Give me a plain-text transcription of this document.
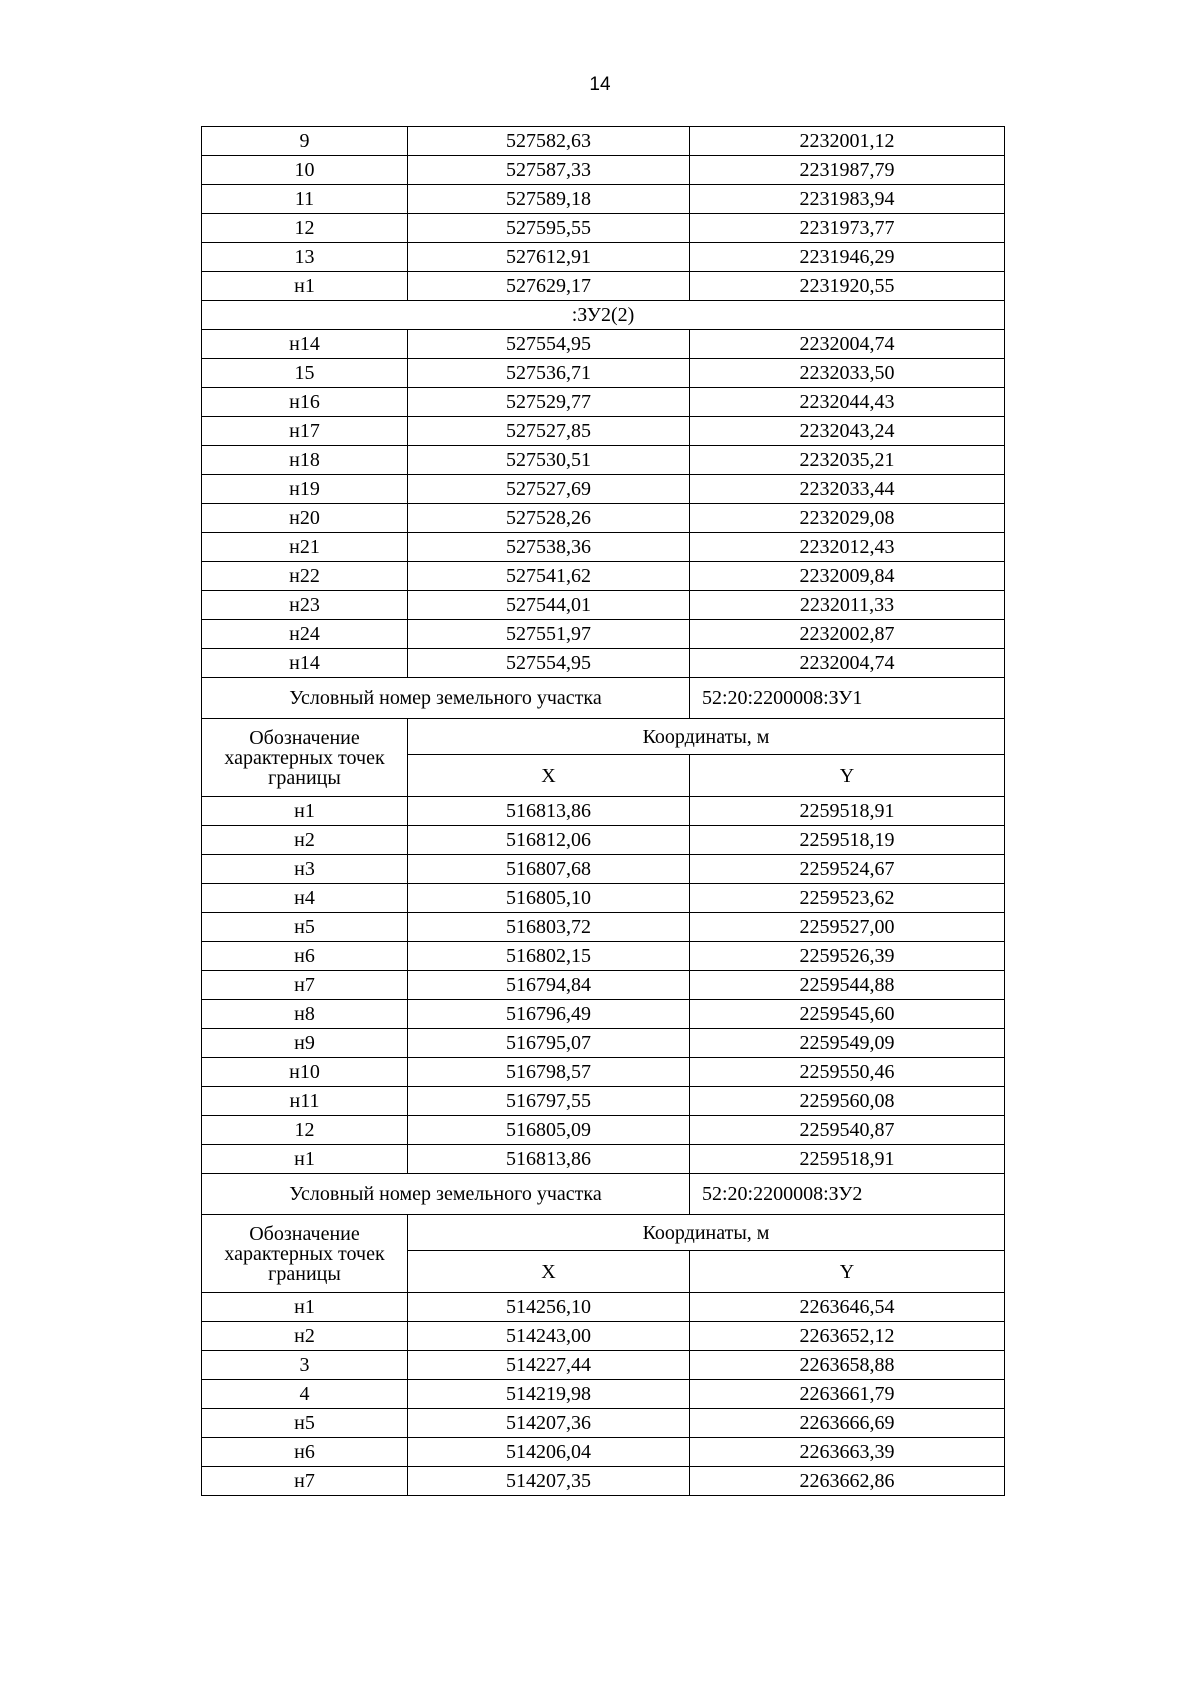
14
9	527582,63	2232001,12
10	527587,33	2231987,79
11	527589,18	2231983,94
12	527595,55	2231973,77
13	527612,91	2231946,29
н1	527629,17	2231920,55
:ЗУ2(2)		
н14	527554,95	2232004,74
15	527536,71	2232033,50
н16	527529,77	2232044,43
н17	527527,85	2232043,24
н18	527530,51	2232035,21
н19	527527,69	2232033,44
н20	527528,26	2232029,08
н21	527538,36	2232012,43
н22	527541,62	2232009,84
н23	527544,01	2232011,33
н24	527551,97	2232002,87
н14	527554,95	2232004,74
Условный номер земельного участка		52:20:2200008:ЗУ1
Обозначение характерных точек границы	Координаты, м	
	X	Y
н1	516813,86	2259518,91
н2	516812,06	2259518,19
н3	516807,68	2259524,67
н4	516805,10	2259523,62
н5	516803,72	2259527,00
н6	516802,15	2259526,39
н7	516794,84	2259544,88
н8	516796,49	2259545,60
н9	516795,07	2259549,09
н10	516798,57	2259550,46
н11	516797,55	2259560,08
12	516805,09	2259540,87
н1	516813,86	2259518,91
Условный номер земельного участка		52:20:2200008:ЗУ2
Обозначение характерных точек границы	Координаты, м	
	X	Y
н1	514256,10	2263646,54
н2	514243,00	2263652,12
3	514227,44	2263658,88
4	514219,98	2263661,79
н5	514207,36	2263666,69
н6	514206,04	2263663,39
н7	514207,35	2263662,86
